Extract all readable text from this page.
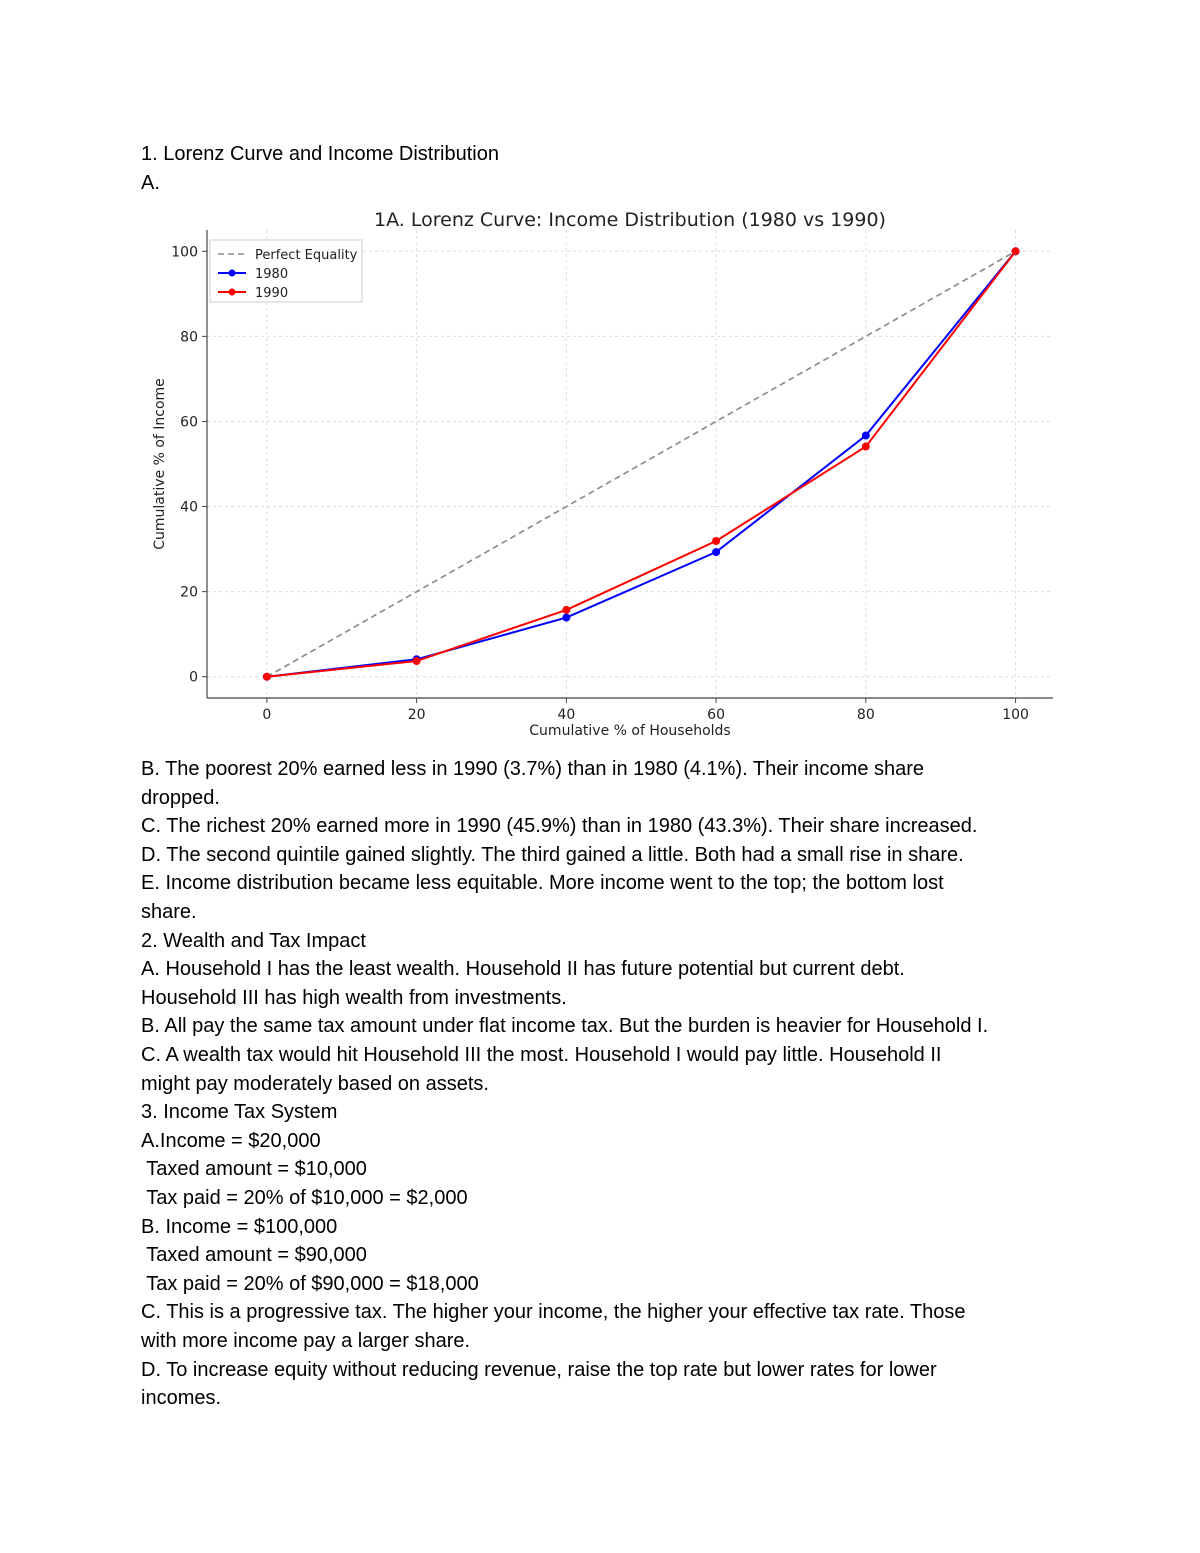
1. Lorenz Curve and Income Distribution
A.
1A. Lorenz Curve: Income Distribution (1980 vs 1990)
0	20	40	60	80	100
0
20
40
60
80
100
Cumulative % of Households
Cumulative % of Income
Perfect Equality
1980
1990
B. The poorest 20% earned less in 1990 (3.7%) than in 1980 (4.1%). Their income share
dropped.
C. The richest 20% earned more in 1990 (45.9%) than in 1980 (43.3%). Their share increased.
D. The second quintile gained slightly. The third gained a little. Both had a small rise in share.
E. Income distribution became less equitable. More income went to the top; the bottom lost
share.
2. Wealth and Tax Impact
A. Household I has the least wealth. Household II has future potential but current debt.
Household III has high wealth from investments.
B. All pay the same tax amount under flat income tax. But the burden is heavier for Household I.
C. A wealth tax would hit Household III the most. Household I would pay little. Household II
might pay moderately based on assets.
3. Income Tax System
A.Income = $20,000
Taxed amount = $10,000
Tax paid = 20% of $10,000 = $2,000
B. Income = $100,000
Taxed amount = $90,000
Tax paid = 20% of $90,000 = $18,000
C. This is a progressive tax. The higher your income, the higher your effective tax rate. Those
with more income pay a larger share.
D. To increase equity without reducing revenue, raise the top rate but lower rates for lower
incomes.
